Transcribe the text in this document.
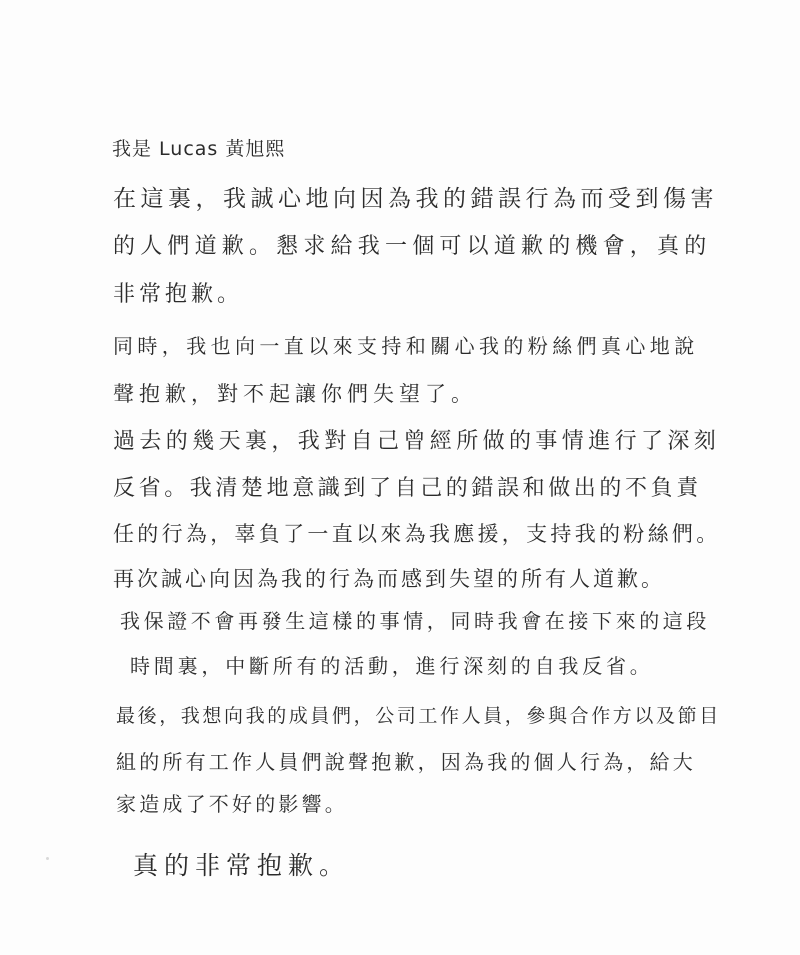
我是 Lucas 黃旭熙
在這裏，我誠心地向因為我的錯誤行為而受到傷害
的人們道歉。懇求給我一個可以道歉的機會，真的
非常抱歉。
同時，我也向一直以來支持和關心我的粉絲們真心地說
聲抱歉，對不起讓你們失望了。
過去的幾天裏，我對自己曾經所做的事情進行了深刻
反省。我清楚地意識到了自己的錯誤和做出的不負責
任的行為，辜負了一直以來為我應援，支持我的粉絲們。
再次誠心向因為我的行為而感到失望的所有人道歉。
我保證不會再發生這樣的事情，同時我會在接下來的這段
時間裏，中斷所有的活動，進行深刻的自我反省。
最後，我想向我的成員們，公司工作人員，參與合作方以及節目
組的所有工作人員們說聲抱歉，因為我的個人行為，給大
家造成了不好的影響。
真的非常抱歉。
